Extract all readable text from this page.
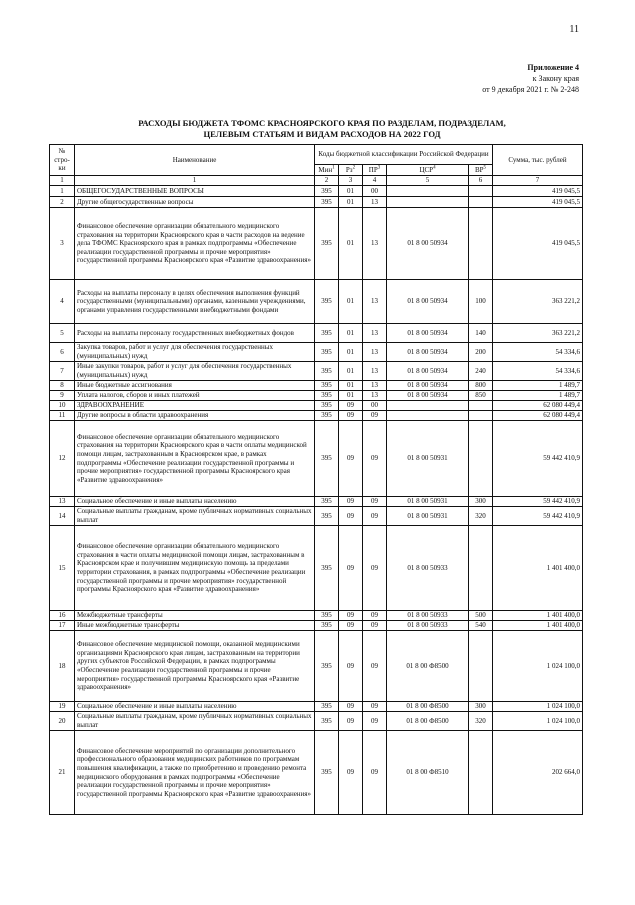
11
Приложение 4
к Закону края
от 9 декабря 2021 г. № 2-248
РАСХОДЫ БЮДЖЕТА ТФОМС КРАСНОЯРСКОГО КРАЯ ПО РАЗДЕЛАМ, ПОДРАЗДЕЛАМ,
ЦЕЛЕВЫМ СТАТЬЯМ И ВИДАМ РАСХОДОВ НА 2022 ГОД
№ стро- ки	Наименование	Коды бюджетной классификации Российской Федерации					Сумма, тыс. рублей
		Мин$^1$	$Рз^2$	$ПР^3$	ЦСР$^4$	$ВР^5$
1	1	2	3	4	5	6	7
1	ОБЩЕГОСУДАРСТВЕННЫЕ ВОПРОСЫ	395	01	00			419 045,5
2	Другие общегосударственные вопросы	395	01	13			419 045,5
3	Финансовое обеспечение организации обязательного медицинского страхования на территории Красноярского края в части расходов на ведение дела ТФОМС Красноярского края в рамках подпрограммы «Обеспечение реализации государственной программы и прочие мероприятия» государственной программы Красноярского края «Развитие здравоохранения»	395	01	13	01 8 00 50934		419 045,5
4	Расходы на выплаты персоналу в целях обеспечения выполнения функций государственными (муниципальными) органами, казенными учреждениями, органами управления государственными внебюджетными фондами	395	01	13	01 8 00 50934	100	363 221,2
5	Расходы на выплаты персоналу государственных внебюджетных фондов	395	01	13	01 8 00 50934	140	363 221,2
6	Закупка товаров, работ и услуг для обеспечения государственных (муниципальных) нужд	395	01	13	01 8 00 50934	200	54 334,6
7	Иные закупки товаров, работ и услуг для обеспечения государственных (муниципальных) нужд	395	01	13	01 8 00 50934	240	54 334,6
8	Иные бюджетные ассигнования	395	01	13	01 8 00 50934	800	1 489,7
9	Уплата налогов, сборов и иных платежей	395	01	13	01 8 00 50934	850	1 489,7
10	ЗДРАВООХРАНЕНИЕ	395	09	00			62 080 449,4
11	Другие вопросы в области здравоохранения	395	09	09			62 080 449,4
12	Финансовое обеспечение организации обязательного медицинского страхования на территории Красноярского края в части оплаты медицинской помощи лицам, застрахованным в Красноярском крае, в рамках подпрограммы «Обеспечение реализации государственной программы и прочие мероприятия» государственной программы Красноярского края «Развитие здравоохранения»	395	09	09	01 8 00 50931		59 442 410,9
13	Социальное обеспечение и иные выплаты населению	395	09	09	01 8 00 50931	300	59 442 410,9
14	Социальные выплаты гражданам, кроме публичных нормативных социальных выплат	395	09	09	01 8 00 50931	320	59 442 410,9
15	Финансовое обеспечение организации обязательного медицинского страхования в части оплаты медицинской помощи лицам, застрахованным в Красноярском крае и получившим медицинскую помощь за пределами территории страхования, в рамках подпрограммы «Обеспечение реализации государственной программы и прочие мероприятия» государственной программы Красноярского края «Развитие здравоохранения»	395	09	09	01 8 00 50933		1 401 400,0
16	Межбюджетные трансферты	395	09	09	01 8 00 50933	500	1 401 400,0
17	Иные межбюджетные трансферты	395	09	09	01 8 00 50933	540	1 401 400,0
18	Финансовое обеспечение медицинской помощи, оказанной медицинскими организациями Красноярского края лицам, застрахованным на территории других субъектов Российской Федерации, в рамках подпрограммы «Обеспечение реализации государственной программы и прочие мероприятия» государственной программы Красноярского края «Развитие здравоохранения»	395	09	09	01 8 00 Ф8500		1 024 100,0
19	Социальное обеспечение и иные выплаты населению	395	09	09	01 8 00 Ф8500	300	1 024 100,0
20	Социальные выплаты гражданам, кроме публичных нормативных социальных выплат	395	09	09	01 8 00 Ф8500	320	1 024 100,0
21	Финансовое обеспечение мероприятий по организации дополнительного профессионального образования медицинских работников по программам повышения квалификации, а также по приобретению и проведению ремонта медицинского оборудования в рамках подпрограммы «Обеспечение реализации государственной программы и прочие мероприятия» государственной программы Красноярского края «Развитие здравоохранения»	395	09	09	01 8 00 Ф8510		202 664,0
